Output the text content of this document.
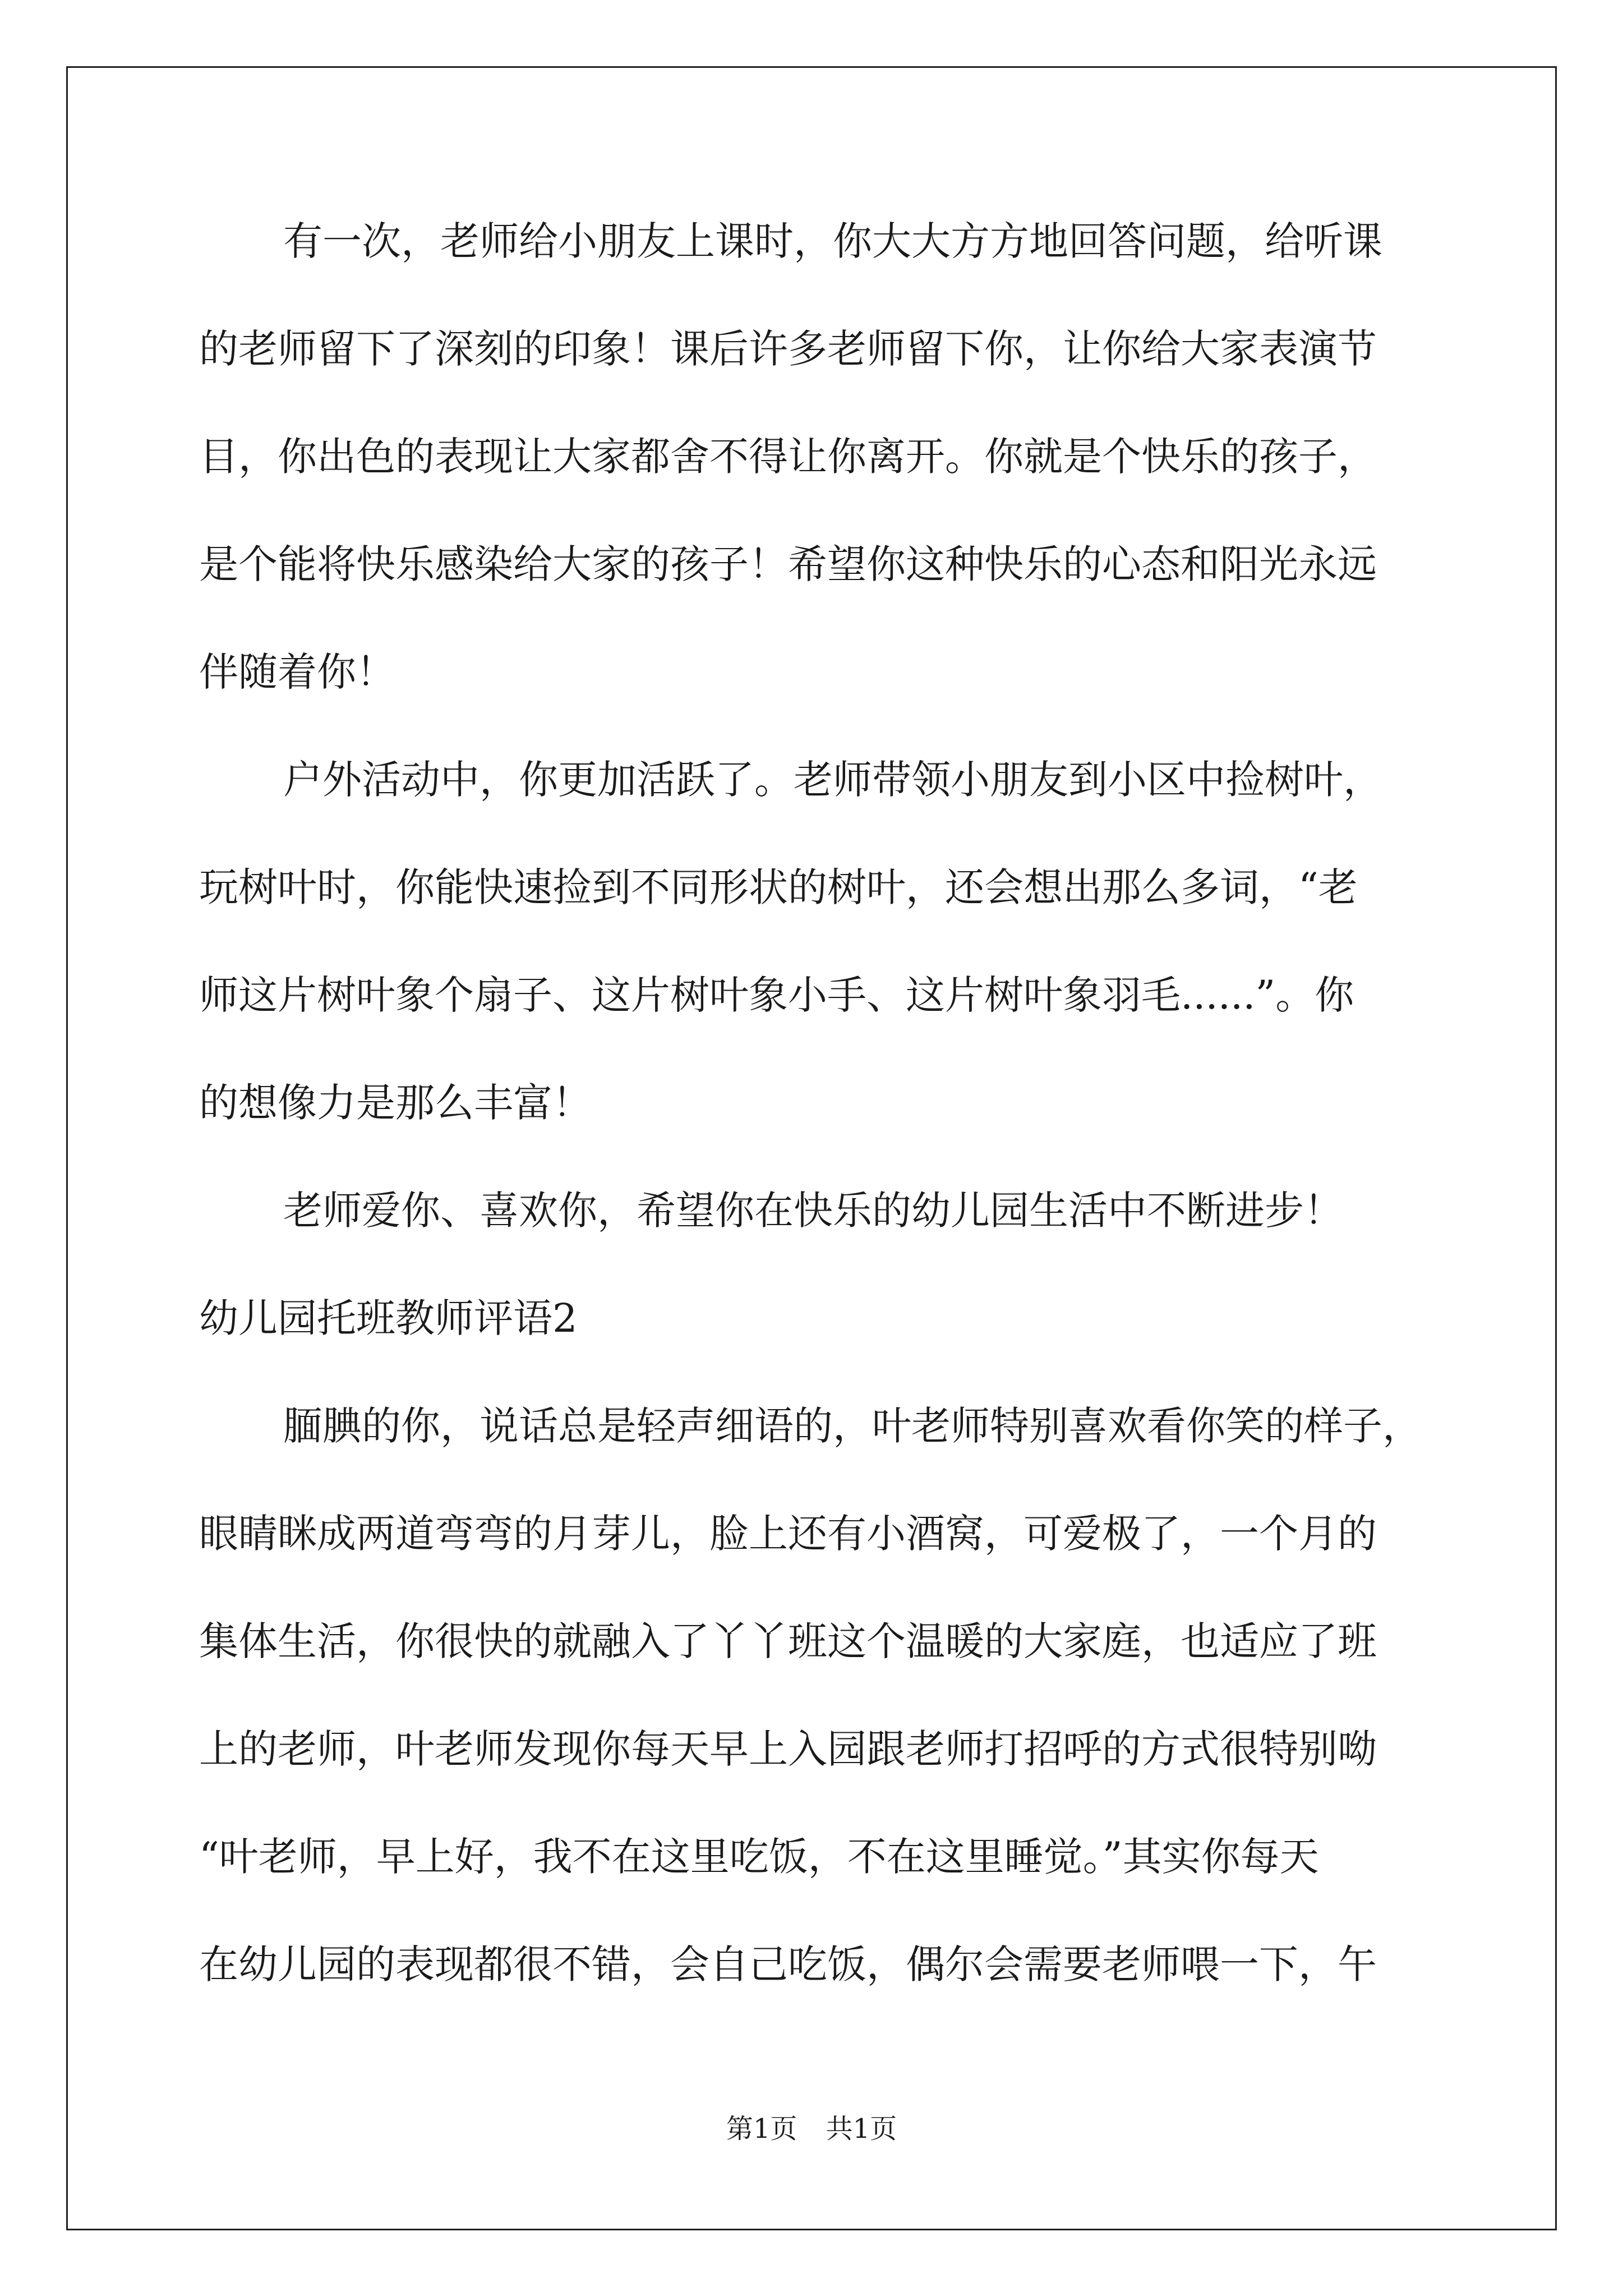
有一次，老师给小朋友上课时，你大大方方地回答问题，给听课
的老师留下了深刻的印象！课后许多老师留下你，让你给大家表演节
目，你出色的表现让大家都舍不得让你离开。你就是个快乐的孩子，
是个能将快乐感染给大家的孩子！希望你这种快乐的心态和阳光永远
伴随着你！
户外活动中，你更加活跃了。老师带领小朋友到小区中捡树叶，
玩树叶时，你能快速捡到不同形状的树叶，还会想出那么多词，“老
师这片树叶象个扇子、这片树叶象小手、这片树叶象羽毛......”。你
的想像力是那么丰富！
老师爱你、喜欢你，希望你在快乐的幼儿园生活中不断进步！
幼儿园托班教师评语2
腼腆的你，说话总是轻声细语的，叶老师特别喜欢看你笑的样子，
眼睛眯成两道弯弯的月芽儿，脸上还有小酒窝，可爱极了，一个月的
集体生活，你很快的就融入了丫丫班这个温暖的大家庭，也适应了班
上的老师，叶老师发现你每天早上入园跟老师打招呼的方式很特别呦
“叶老师，早上好，我不在这里吃饭，不在这里睡觉。”其实你每天
在幼儿园的表现都很不错，会自己吃饭，偶尔会需要老师喂一下，午
第1页 共1页
